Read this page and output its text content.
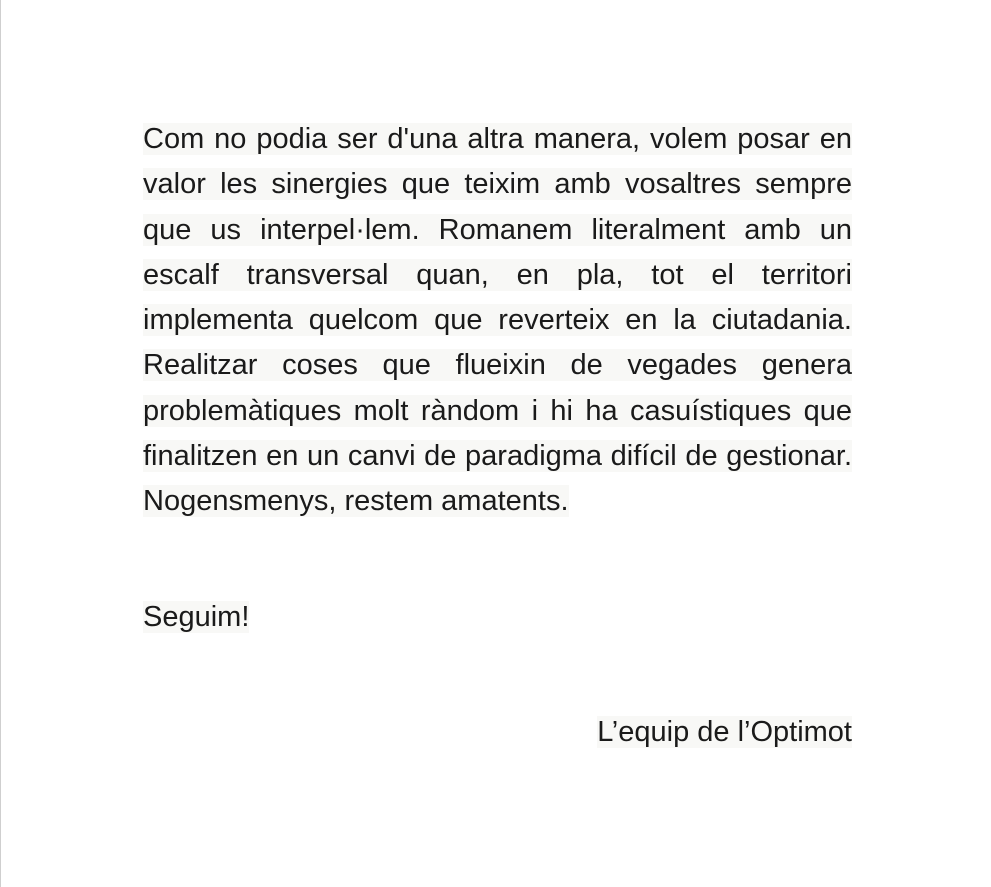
Com no podia ser d'una altra manera, volem posar en valor les sinergies que teixim amb vosaltres sempre que us interpel·lem. Romanem literalment amb un escalf transversal quan, en pla, tot el territori implementa quelcom que reverteix en la ciutadania. Realitzar coses que flueixin de vegades genera problemàtiques molt ràndom i hi ha casuístiques que finalitzen en un canvi de paradigma difícil de gestionar. Nogensmenys, restem amatents.

Seguim!

L’equip de l’Optimot
